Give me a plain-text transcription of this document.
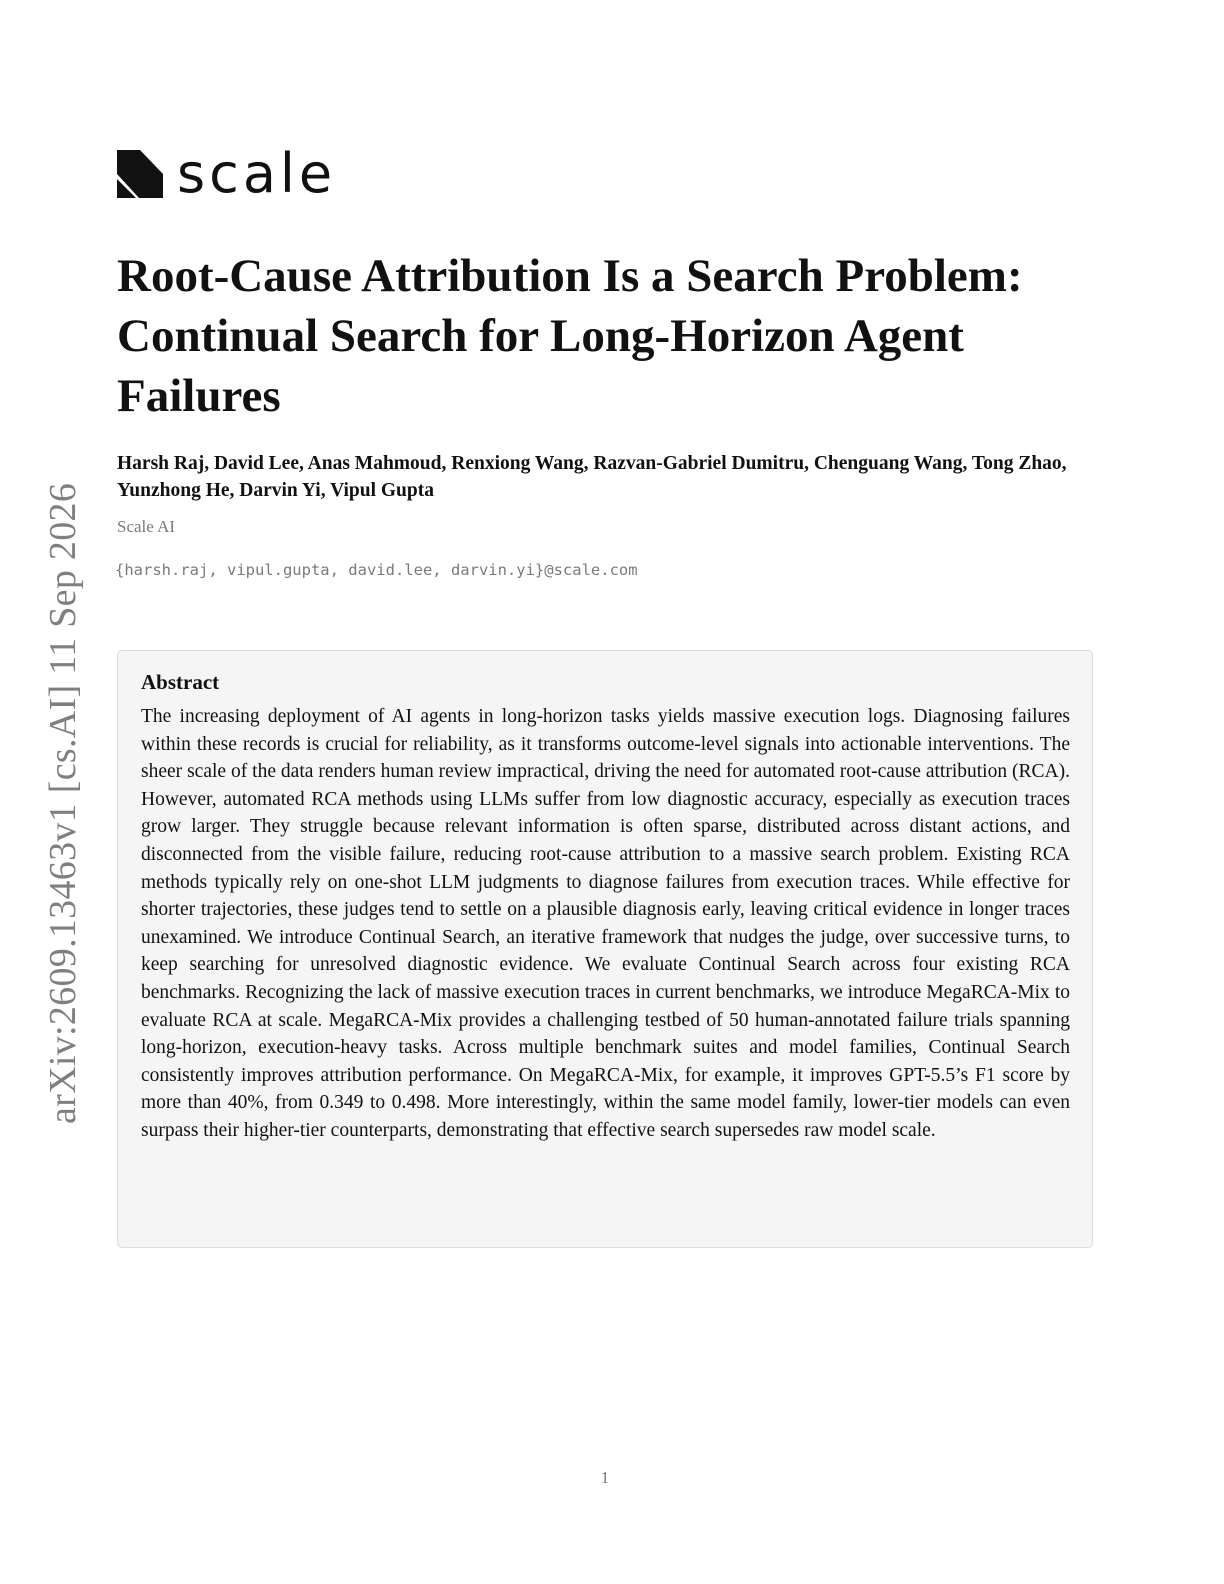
scale
arXiv:2609.13463v1 [cs.AI] 11 Sep 2026
Root-Cause Attribution Is a Search Problem: Continual Search for Long-Horizon Agent Failures

Harsh Raj, David Lee, Anas Mahmoud, Renxiong Wang, Razvan-Gabriel Dumitru, Chenguang Wang, Tong Zhao, Yunzhong He, Darvin Yi, Vipul Gupta

Scale AI

{harsh.raj, vipul.gupta, david.lee, darvin.yi}@scale.com

Abstract

The increasing deployment of AI agents in long-horizon tasks yields massive execution logs. Diagnosing failures within these records is crucial for reliability, as it transforms outcome-level signals into actionable interventions. The sheer scale of the data renders human review impractical, driving the need for automated root-cause attribution (RCA). However, automated RCA methods using LLMs suffer from low diagnostic accuracy, especially as execution traces grow larger. They struggle because relevant information is often sparse, distributed across distant actions, and disconnected from the visible failure, reducing root-cause attribution to a massive search problem. Existing RCA methods typically rely on one-shot LLM judgments to diagnose failures from execution traces. While effective for shorter trajectories, these judges tend to settle on a plausible diagnosis early, leaving critical evidence in longer traces unexamined. We introduce Continual Search, an iterative framework that nudges the judge, over successive turns, to keep searching for unresolved diagnostic evidence. We evaluate Continual Search across four existing RCA benchmarks. Recognizing the lack of massive execution traces in current benchmarks, we introduce MegaRCA-Mix to evaluate RCA at scale. MegaRCA-Mix provides a challenging testbed of 50 human-annotated failure trials spanning long-horizon, execution-heavy tasks. Across multiple benchmark suites and model families, Continual Search consistently improves attribution performance. On MegaRCA-Mix, for example, it improves GPT-5.5’s F1 score by more than 40%, from 0.349 to 0.498. More interestingly, within the same model family, lower-tier models can even surpass their higher-tier counterparts, demonstrating that effective search supersedes raw model scale.

1
